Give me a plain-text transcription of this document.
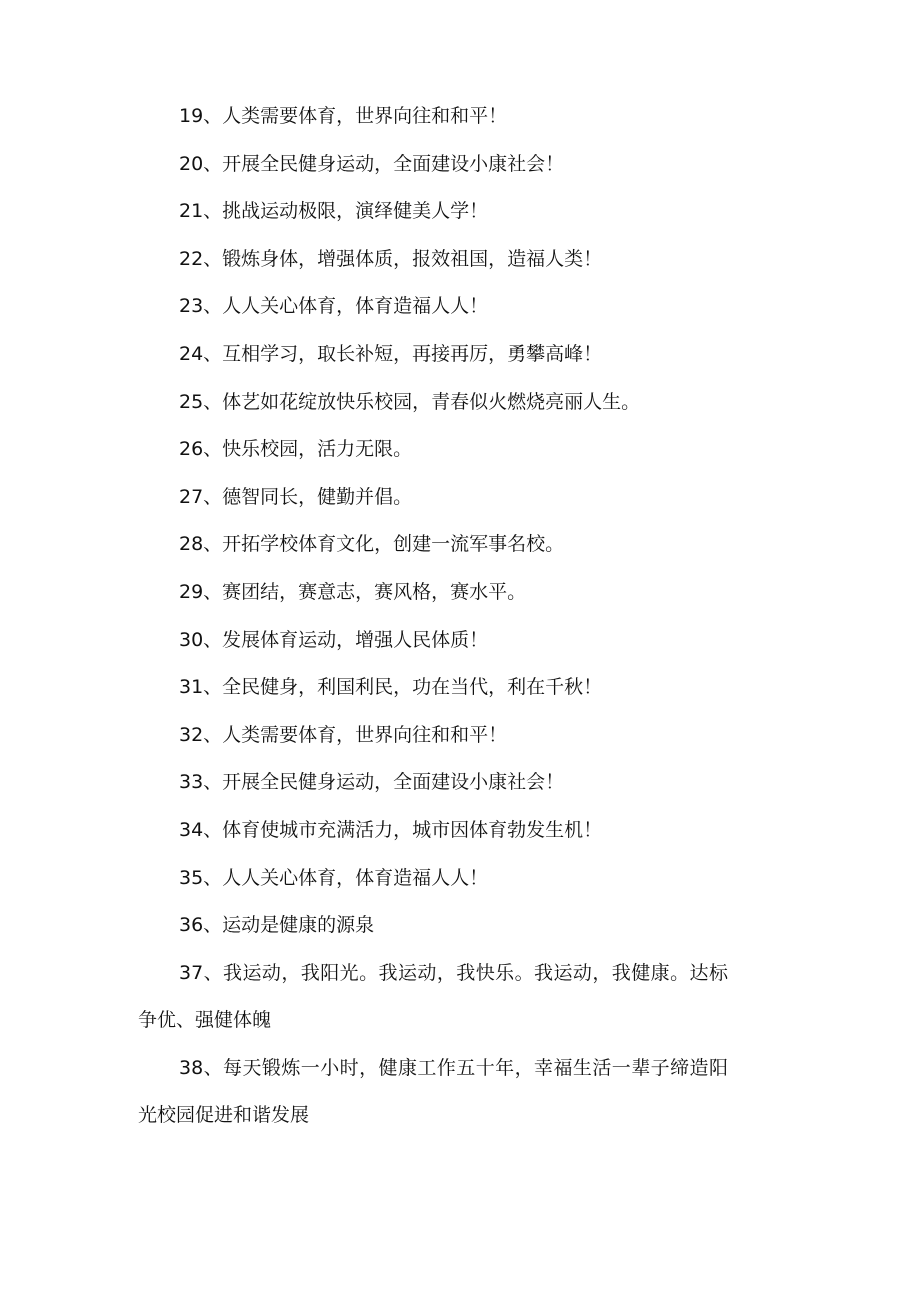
19、人类需要体育，世界向往和和平！

20、开展全民健身运动，全面建设小康社会！

21、挑战运动极限，演绎健美人学！

22、锻炼身体，增强体质，报效祖国，造福人类！

23、人人关心体育，体育造福人人！

24、互相学习，取长补短，再接再厉，勇攀高峰！

25、体艺如花绽放快乐校园，青春似火燃烧亮丽人生。

26、快乐校园，活力无限。

27、德智同长，健勤并倡。

28、开拓学校体育文化，创建一流军事名校。

29、赛团结，赛意志，赛风格，赛水平。

30、发展体育运动，增强人民体质！

31、全民健身，利国利民，功在当代，利在千秋！

32、人类需要体育，世界向往和和平！

33、开展全民健身运动，全面建设小康社会！

34、体育使城市充满活力，城市因体育勃发生机！

35、人人关心体育，体育造福人人！

36、运动是健康的源泉

37、我运动，我阳光。我运动，我快乐。我运动，我健康。达标争优、强健体魄

38、每天锻炼一小时，健康工作五十年，幸福生活一辈子缔造阳光校园促进和谐发展
